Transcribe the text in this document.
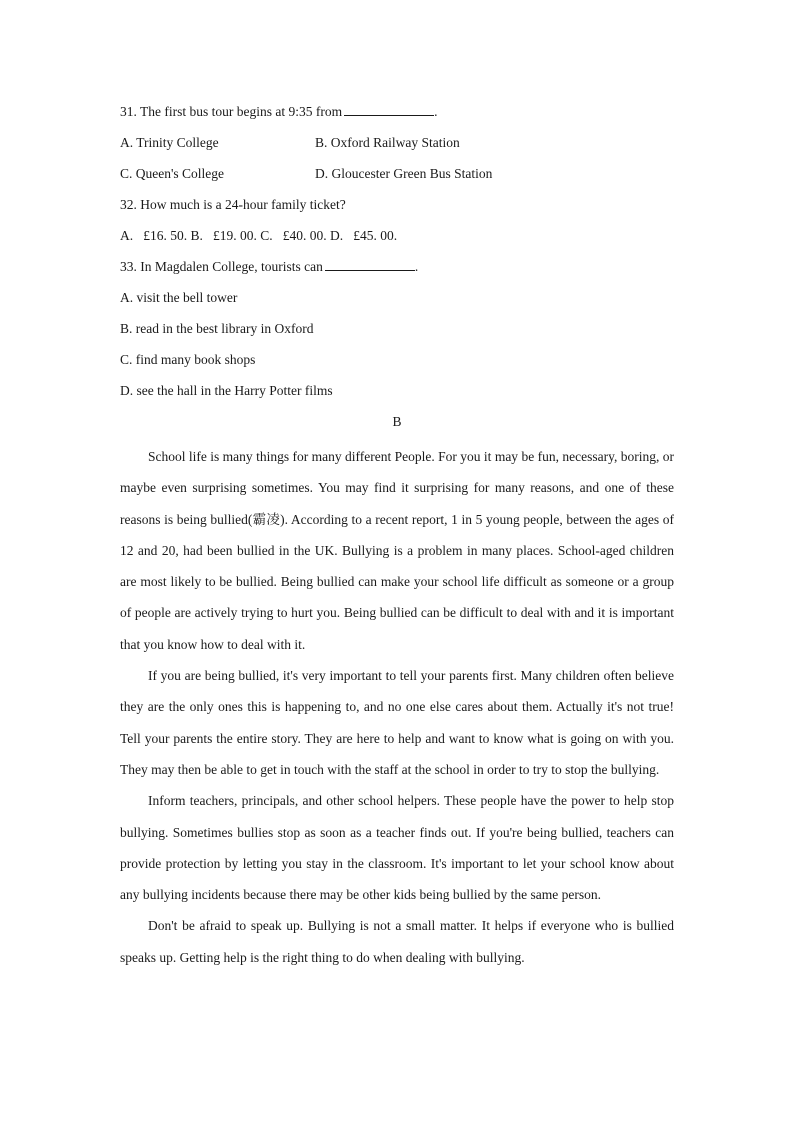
31. The first bus tour begins at 9:35 from	.
A. Trinity College	B. Oxford Railway Station
C. Queen's College	D. Gloucester Green Bus Station
32. How much is a 24-hour family ticket?
A.   £16. 50. B.   £19. 00. C.   £40. 00. D.   £45. 00.
33. In Magdalen College, tourists can	.
A. visit the bell tower
B. read in the best library in Oxford
C. find many book shops
D. see the hall in the Harry Potter films
B

School life is many things for many different People. For you it may be fun, necessary, boring, or maybe even surprising sometimes. You may find it surprising for many reasons, and one of these reasons is being bullied(霸凌). According to a recent report, 1 in 5 young people, between the ages of 12 and 20, had been bullied in the UK. Bullying is a problem in many places. School-aged children are most likely to be bullied. Being bullied can make your school life difficult as someone or a group of people are actively trying to hurt you. Being bullied can be difficult to deal with and it is important that you know how to deal with it.

If you are being bullied, it's very important to tell your parents first. Many children often believe they are the only ones this is happening to, and no one else cares about them. Actually it's not true! Tell your parents the entire story. They are here to help and want to know what is going on with you. They may then be able to get in touch with the staff at the school in order to try to stop the bullying.

Inform teachers, principals, and other school helpers. These people have the power to help stop bullying. Sometimes bullies stop as soon as a teacher finds out. If you're being bullied, teachers can provide protection by letting you stay in the classroom. It's important to let your school know about any bullying incidents because there may be other kids being bullied by the same person.

Don't be afraid to speak up. Bullying is not a small matter. It helps if everyone who is bullied speaks up. Getting help is the right thing to do when dealing with bullying.
